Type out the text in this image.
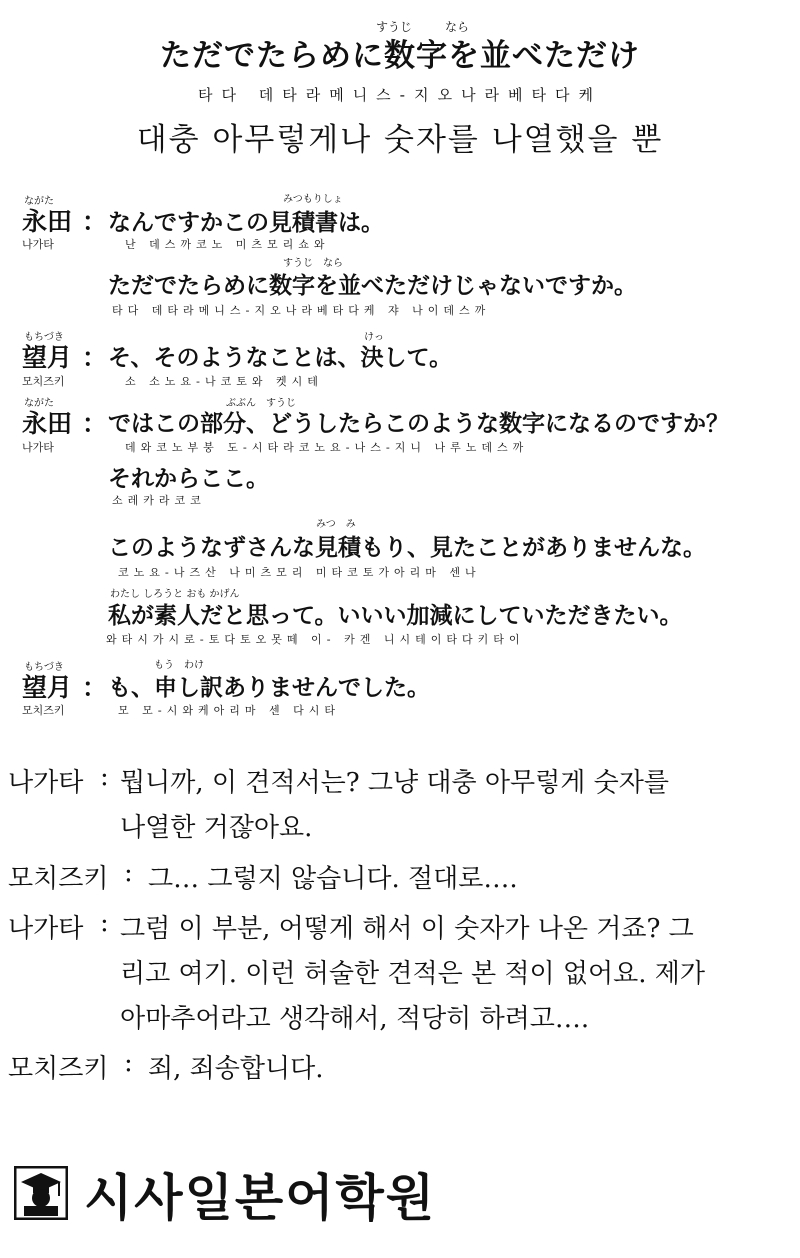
すうじ	なら
ただでたらめに数字を並べただけ
타다 데타라메니스-지오나라베타다케
대충 아무렇게나 숫자를 나열했을 뿐
ながた
永田 ：
みつもりしょ
なんですかこの見積書は。
나가타	난 데스까코노 미츠모리쇼와
すうじ　なら
ただでたらめに数字を並べただけじゃないですか。
타다 데타라메니스-지오나라베타다케 쟈 나이데스까
もちづき
望月 ：
けっ
そ、そのようなことは、決して。
모치즈키	소 소노요-나코토와 켓시테
ながた
永田 ：
ぶぶん　すうじ
ではこの部分、どうしたらこのような数字になるのですか？
나가타	데와코노부붕 도-시타라코노요-나스-지니 나루노데스까
それからここ。
소레카라코코
みつ　み
このようなずさんな見積もり、見たことがありませんな。
코노요-나즈산 나미츠모리 미타코토가아리마 센나
わたし しろうと おも かげん
私が素人だと思って。いいい加減にしていただきたい。
와타시가시로-토다토오못떼 이- 카겐 니시테이타다키타이
もちづき
望月 ：
もう　わけ
も、申し訳ありませんでした。
모치즈키	모 모-시와케아리마 센 다시타
나가타 : 뭡니까, 이 견적서는? 그냥 대충 아무렇게 숫자를
나열한 거잖아요.
모치즈키 : 그… 그렇지 않습니다. 절대로….
나가타 : 그럼 이 부분, 어떻게 해서 이 숫자가 나온 거죠? 그
리고 여기. 이런 허술한 견적은 본 적이 없어요. 제가
아마추어라고 생각해서, 적당히 하려고….
모치즈키 : 죄, 죄송합니다.
시사일본어학원
